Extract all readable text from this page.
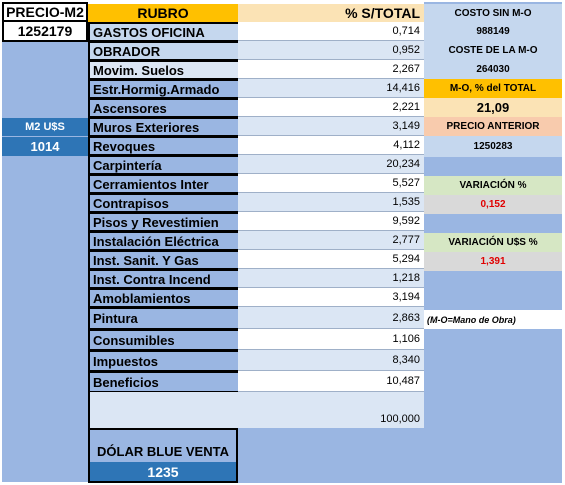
PRECIO-M2
1252179
M2 U$S
1014
RUBRO	% S/TOTAL
GASTOS OFICINA	0,714
OBRADOR	0,952
Movim. Suelos	2,267
Estr.Hormig.Armado	14,416
Ascensores	2,221
Muros Exteriores	3,149
Revoques	4,112
Carpintería	20,234
Cerramientos Inter	5,527
Contrapisos	1,535
Pisos y Revestimien	9,592
Instalación Eléctrica	2,777
Inst. Sanit. Y Gas	5,294
Inst. Contra Incend	1,218
Amoblamientos	3,194
Pintura	2,863
Consumibles	1,106
Impuestos	8,340
Beneficios	10,487
100,000
DÓLAR BLUE VENTA
1235
COSTO SIN M-O
988149
COSTE DE LA M-O
264030
M-O, % del TOTAL
21,09
PRECIO ANTERIOR
1250283
VARIACIÓN %
0,152
VARIACIÓN U$S %
1,391
(M-O=Mano de Obra)
